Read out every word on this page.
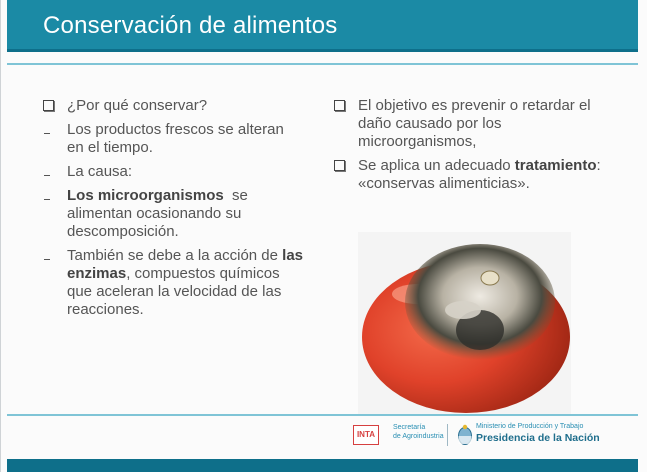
Conservación de alimentos
¿Por qué conservar?
Los productos frescos se alteran en el tiempo.
La causa:
Los microorganismos  se alimentan ocasionando su descomposición.
También se debe a la acción de las enzimas, compuestos químicos que aceleran la velocidad de las reacciones.
El objetivo es prevenir o retardar el daño causado por los microorganismos,
Se aplica un adecuado tratamiento: «conservas alimenticias».
INTA
Secretaría
de Agroindustria
Ministerio de Producción y Trabajo
Presidencia de la Nación
